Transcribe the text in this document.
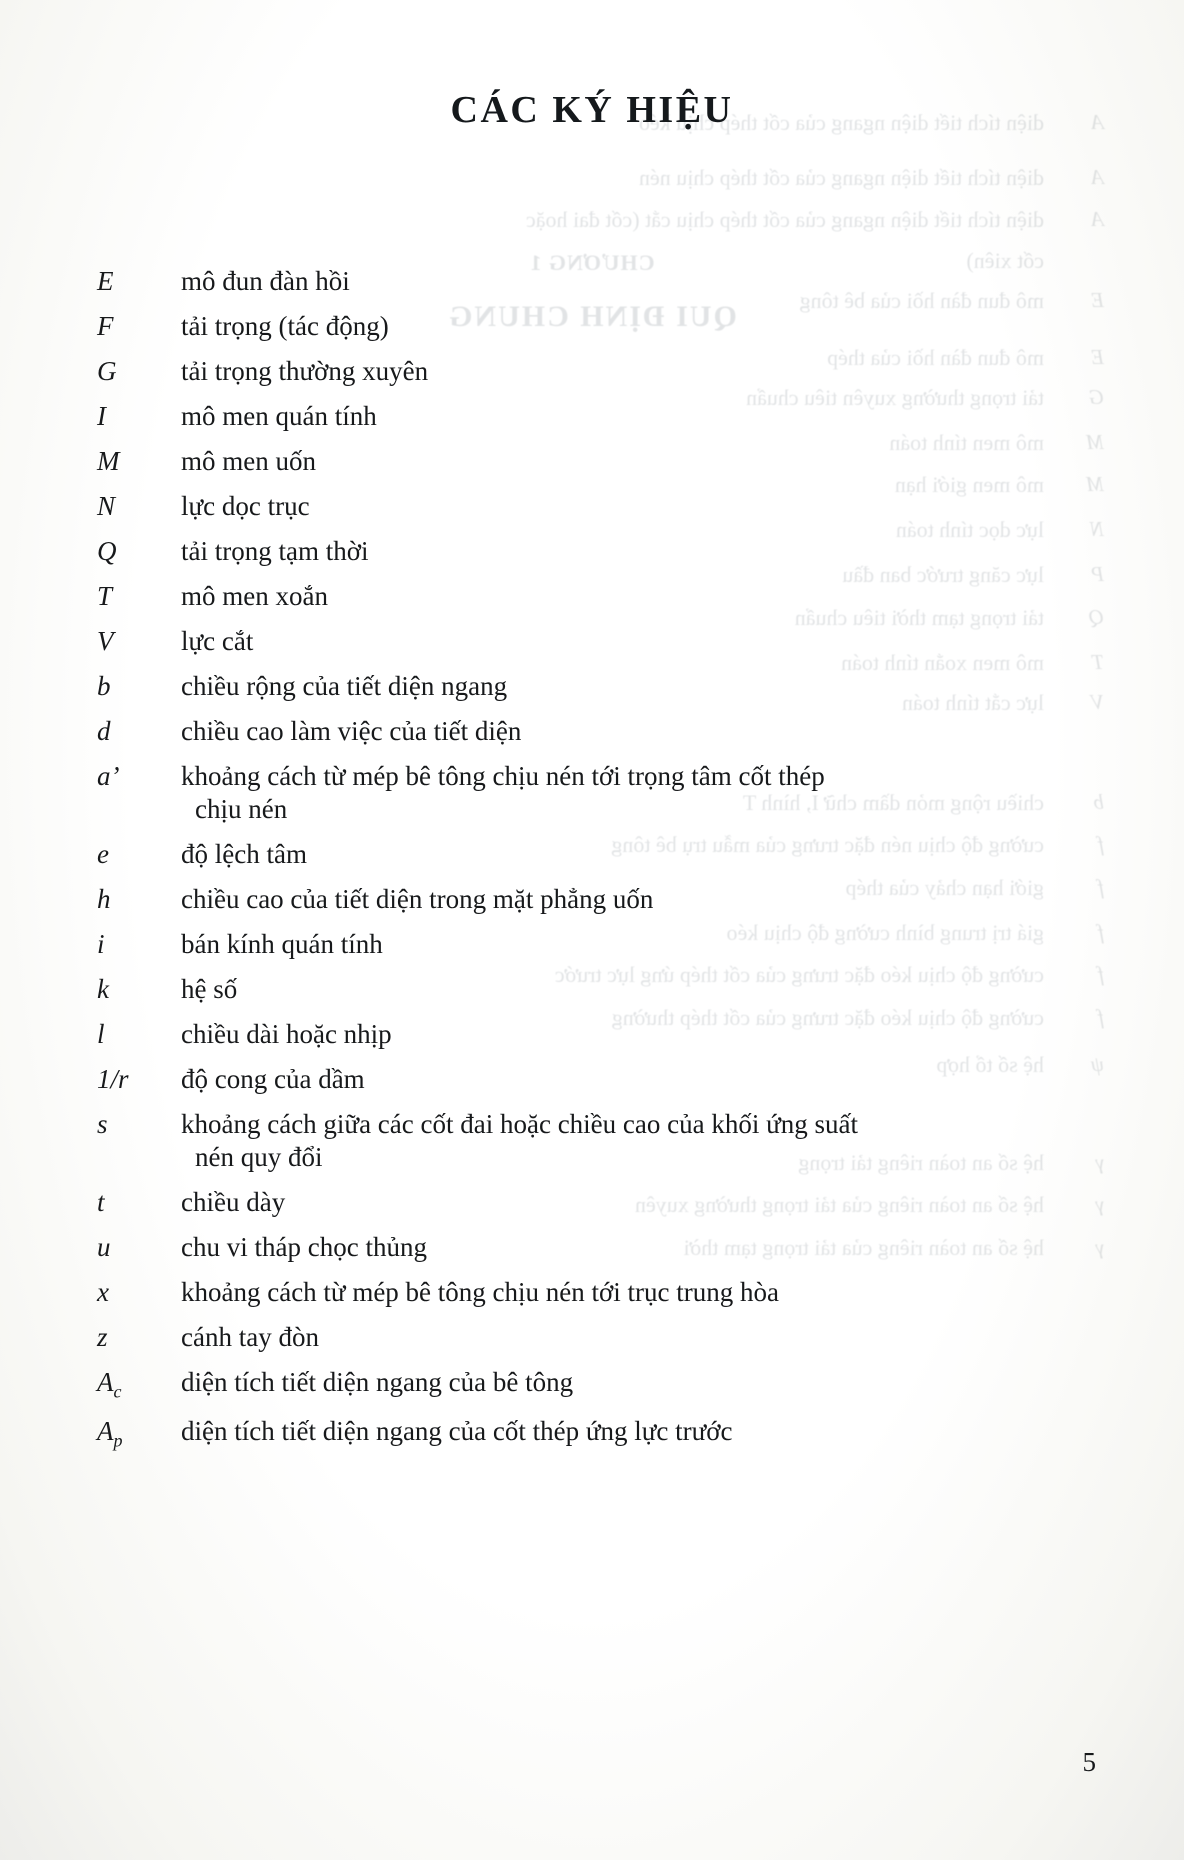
CÁC KÝ HIỆU
E	mô đun đàn hồi
F	tải trọng (tác động)
G	tải trọng thường xuyên
I	mô men quán tính
M	mô men uốn
N	lực dọc trục
Q	tải trọng tạm thời
T	mô men xoắn
V	lực cắt
b	chiều rộng của tiết diện ngang
d	chiều cao làm việc của tiết diện
a’	khoảng cách từ mép bê tông chịu nén tới trọng tâm cốt thép
chịu nén
e	độ lệch tâm
h	chiều cao của tiết diện trong mặt phẳng uốn
i	bán kính quán tính
k	hệ số
l	chiều dài hoặc nhịp
1/r	độ cong của dầm
s	khoảng cách giữa các cốt đai hoặc chiều cao của khối ứng suất
nén quy đổi
t	chiều dày
u	chu vi tháp chọc thủng
x	khoảng cách từ mép bê tông chịu nén tới trục trung hòa
z	cánh tay đòn
$A_c$	diện tích tiết diện ngang của bê tông
$A_p$	diện tích tiết diện ngang của cốt thép ứng lực trước
5
